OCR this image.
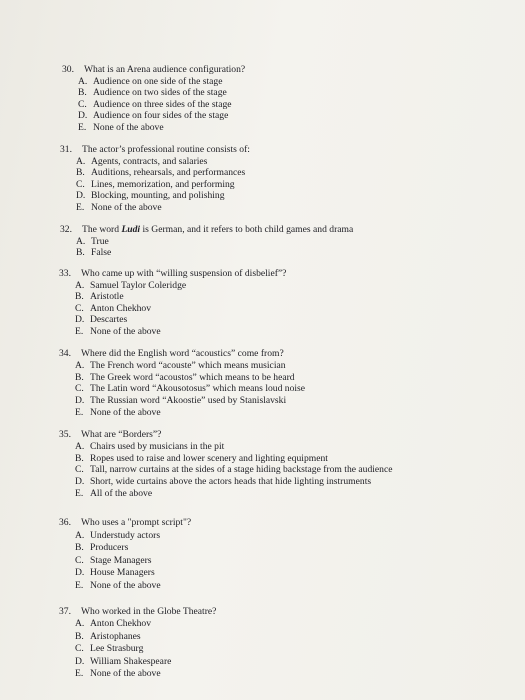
30.	What is an Arena audience configuration?
A. Audience on one side of the stage
B. Audience on two sides of the stage
C. Audience on three sides of the stage
D. Audience on four sides of the stage
E. None of the above
31.	The actor’s professional routine consists of:
A. Agents, contracts, and salaries
B. Auditions, rehearsals, and performances
C. Lines, memorization, and performing
D. Blocking, mounting, and polishing
E. None of the above
32.	The word Ludi is German, and it refers to both child games and drama
A. True
B. False
33.	Who came up with “willing suspension of disbelief”?
A. Samuel Taylor Coleridge
B. Aristotle
C. Anton Chekhov
D. Descartes
E. None of the above
34.	Where did the English word “acoustics” come from?
A. The French word “acouste” which means musician
B. The Greek word “acoustos” which means to be heard
C. The Latin word “Akousotosus” which means loud noise
D. The Russian word “Akoostie” used by Stanislavski
E. None of the above
35.	What are “Borders”?
A. Chairs used by musicians in the pit
B. Ropes used to raise and lower scenery and lighting equipment
C. Tall, narrow curtains at the sides of a stage hiding backstage from the audience
D. Short, wide curtains above the actors heads that hide lighting instruments
E. All of the above
36.	Who uses a "prompt script"?
A. Understudy actors
B. Producers
C. Stage Managers
D. House Managers
E. None of the above
37.	Who worked in the Globe Theatre?
A. Anton Chekhov
B. Aristophanes
C. Lee Strasburg
D. William Shakespeare
E. None of the above
